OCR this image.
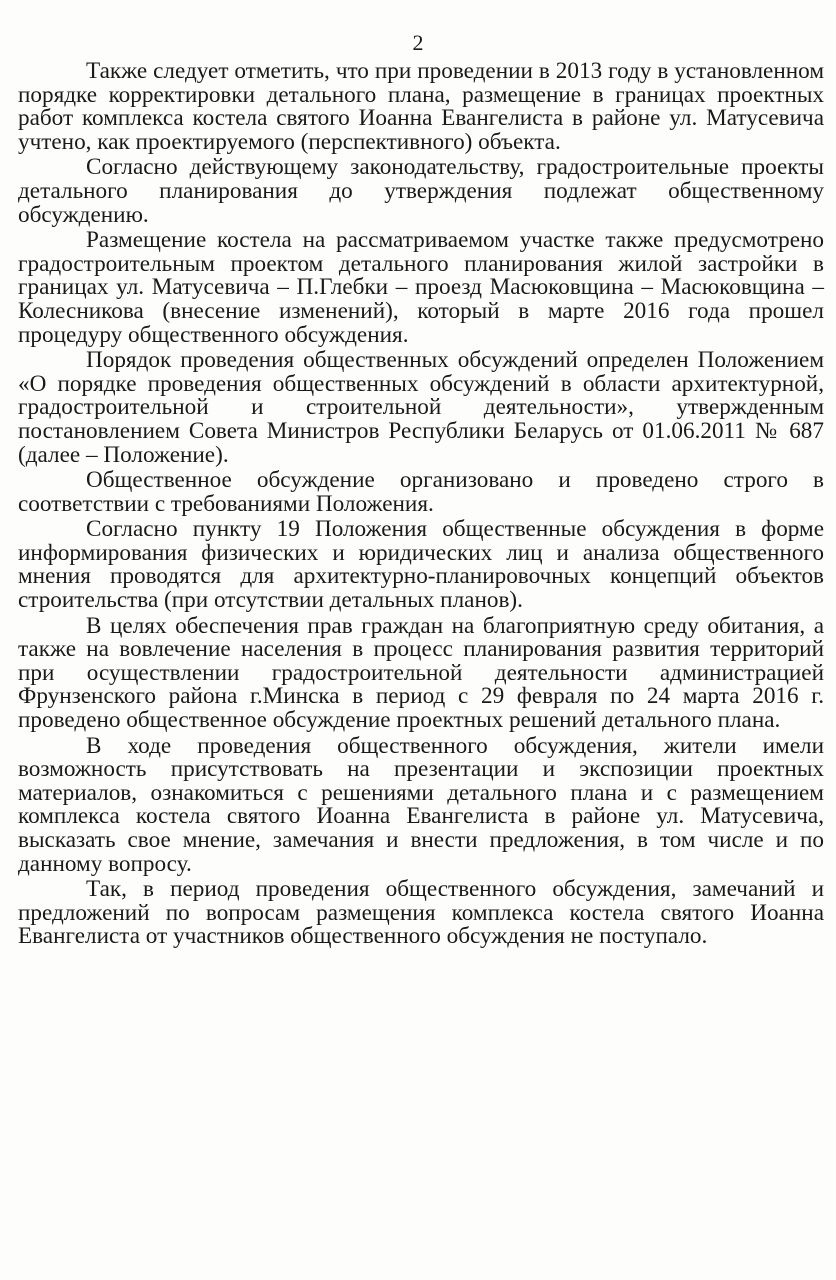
2

Также следует отметить, что при проведении в 2013 году в установленном порядке корректировки детального плана, размещение в границах проектных работ комплекса костела святого Иоанна Евангелиста в районе ул. Матусевича учтено, как проектируемого (перспективного) объекта.

Согласно действующему законодательству, градостроительные проекты детального планирования до утверждения подлежат общественному обсуждению.

Размещение костела на рассматриваемом участке также предусмотрено градостроительным проектом детального планирования жилой застройки в границах ул. Матусевича – П.Глебки – проезд Масюковщина – Масюковщина – Колесникова (внесение изменений), который в марте 2016 года прошел процедуру общественного обсуждения.

Порядок проведения общественных обсуждений определен Положением «О порядке проведения общественных обсуждений в области архитектурной, градостроительной и строительной деятельности», утвержденным постановлением Совета Министров Республики Беларусь от 01.06.2011 № 687 (далее – Положение).

Общественное обсуждение организовано и проведено строго в соответствии с требованиями Положения.

Согласно пункту 19 Положения общественные обсуждения в форме информирования физических и юридических лиц и анализа общественного мнения проводятся для архитектурно-планировочных концепций объектов строительства (при отсутствии детальных планов).

В целях обеспечения прав граждан на благоприятную среду обитания, а также на вовлечение населения в процесс планирования развития территорий при осуществлении градостроительной деятельности администрацией Фрунзенского района г.Минска в период с 29 февраля по 24 марта 2016 г. проведено общественное обсуждение проектных решений детального плана.

В ходе проведения общественного обсуждения, жители имели возможность присутствовать на презентации и экспозиции проектных материалов, ознакомиться с решениями детального плана и с размещением комплекса костела святого Иоанна Евангелиста в районе ул. Матусевича, высказать свое мнение, замечания и внести предложения, в том числе и по данному вопросу.

Так, в период проведения общественного обсуждения, замечаний и предложений по вопросам размещения комплекса костела святого Иоанна Евангелиста от участников общественного обсуждения не поступало.
